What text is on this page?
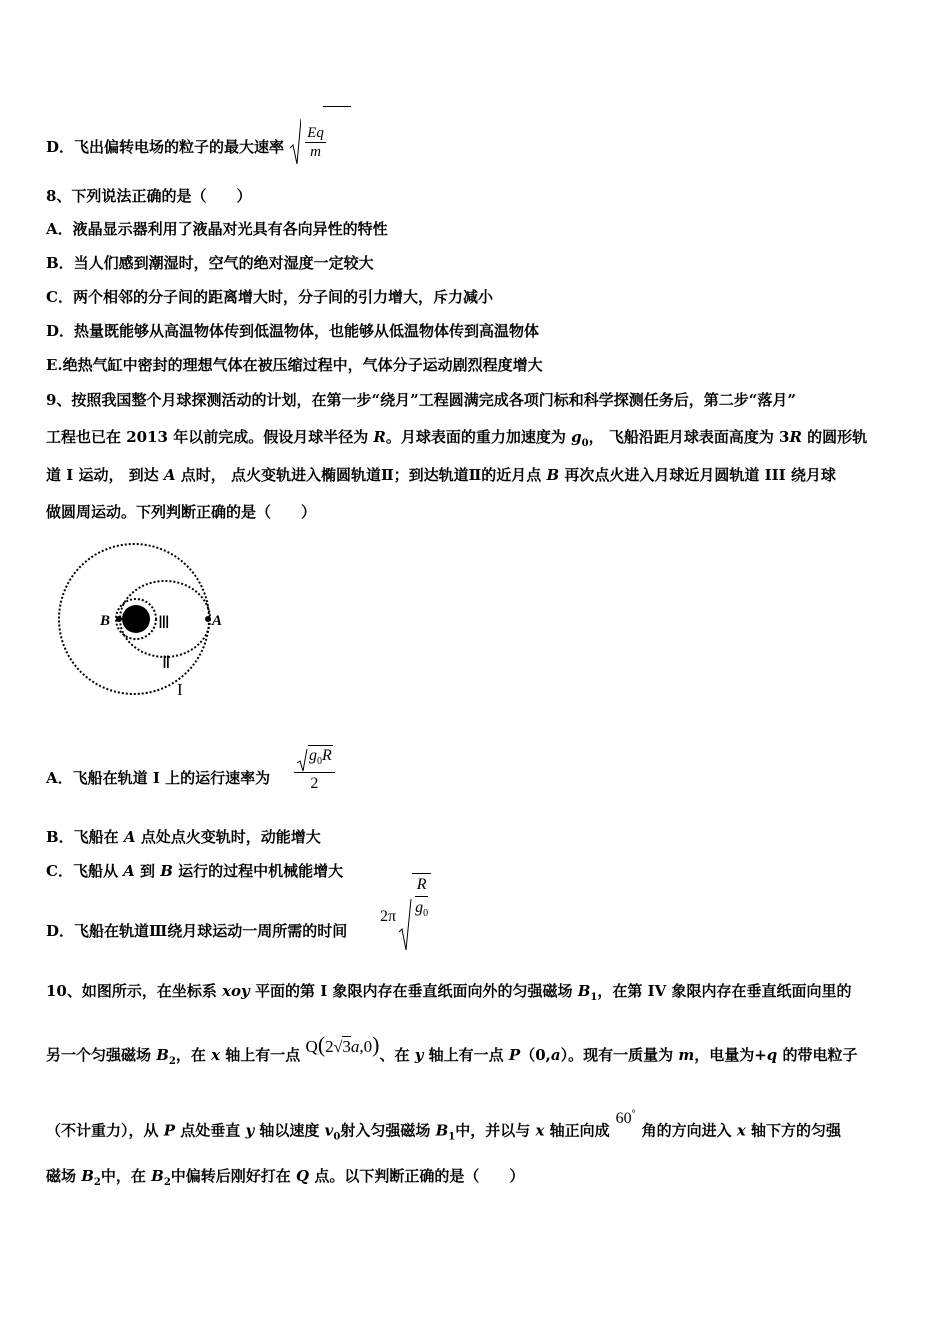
D．飞出偏转电场的粒子的最大速率 $\frac{Eq}{m}$
8、下列说法正确的是（　　）
A．液晶显示器利用了液晶对光具有各向异性的特性
B．当人们感到潮湿时，空气的绝对湿度一定较大
C．两个相邻的分子间的距离增大时，分子间的引力增大，斥力减小
D．热量既能够从高温物体传到低温物体，也能够从低温物体传到高温物体
E.绝热气缸中密封的理想气体在被压缩过程中，气体分子运动剧烈程度增大
9、按照我国整个月球探测活动的计划，在第一步“绕月”工程圆满完成各项门标和科学探测任务后，第二步“落月”
工程也已在 2013 年以前完成。假设月球半径为 R。月球表面的重力加速度为 $g_0$， 飞船沿距月球表面高度为 3R 的圆形轨
道 I 运动， 到达 A 点时， 点火变轨进入椭圆轨道Ⅱ；到达轨道Ⅱ的近月点 B 再次点火进入月球近月圆轨道 III 绕月球
做圆周运动。下列判断正确的是（　　）
B	A
Ⅲ
Ⅱ
I
A．飞船在轨道 I 上的运行速率为
$g_0R$
2
B．飞船在 A 点处点火变轨时，动能增大
C．飞船从 A 到 B 运行的过程中机械能增大
D．飞船在轨道Ⅲ绕月球运动一周所需的时间
2π
R
$g_0$
10、如图所示，在坐标系 xoy 平面的第 I 象限内存在垂直纸面向外的匀强磁场 $B_1$，在第 IV 象限内存在垂直纸面向里的
另一个匀强磁场 $B_2$，在 x 轴上有一点 Q(2√3a,0)、在 y 轴上有一点 P（0,a）。现有一质量为 m，电量为+q 的带电粒子
（不计重力），从 P 点处垂直 y 轴以速度 $v_0$射入匀强磁场 $B_1$中，并以与 x 轴正向成60°角的方向进入 x 轴下方的匀强
磁场 $B_2$中，在 $B_2$中偏转后刚好打在 Q 点。以下判断正确的是（　　）
